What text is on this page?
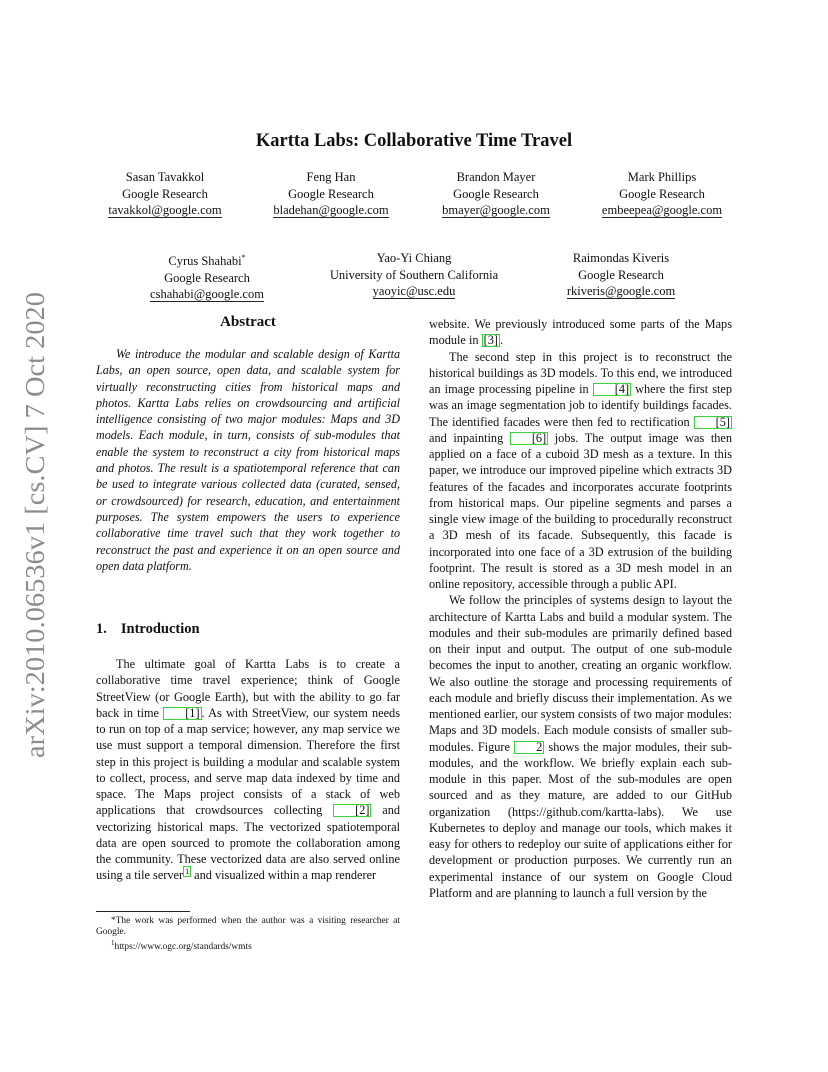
arXiv:2010.06536v1 [cs.CV] 7 Oct 2020
Kartta Labs: Collaborative Time Travel
Sasan Tavakkol
Google Research
tavakkol@google.com
Feng Han
Google Research
bladehan@google.com
Brandon Mayer
Google Research
bmayer@google.com
Mark Phillips
Google Research
embeepea@google.com
Cyrus Shahabi*
Google Research
cshahabi@google.com
Yao-Yi Chiang
University of Southern California
yaoyic@usc.edu
Raimondas Kiveris
Google Research
rkiveris@google.com
Abstract
We introduce the modular and scalable design of Kartta Labs, an open source, open data, and scalable system for virtually reconstructing cities from historical maps and photos. Kartta Labs relies on crowdsourcing and artificial intelligence consisting of two major modules: Maps and 3D models. Each module, in turn, consists of sub-modules that enable the system to reconstruct a city from historical maps and photos. The result is a spatiotemporal reference that can be used to integrate various collected data (curated, sensed, or crowdsourced) for research, education, and entertainment purposes. The system empowers the users to experience collaborative time travel such that they work together to reconstruct the past and experience it on an open source and open data platform.
1. Introduction

The ultimate goal of Kartta Labs is to create a collaborative time travel experience; think of Google StreetView (or Google Earth), but with the ability to go far back in time [1] . As with StreetView, our system needs to run on top of a map service; however, any map service we use must support a temporal dimension. Therefore the first step in this project is building a modular and scalable system to collect, process, and serve map data indexed by time and space. The Maps project consists of a stack of web applications that crowdsources collecting [2] and vectorizing historical maps. The vectorized spatiotemporal data are open sourced to promote the collaboration among the community. These vectorized data are also served online using a tile server $^1$ and visualized within a map renderer

*The work was performed when the author was a visiting researcher at Google.

$^1$https://www.ogc.org/standards/wmts

website. We previously introduced some parts of the Maps module in [3] .

The second step in this project is to reconstruct the historical buildings as 3D models. To this end, we introduced an image processing pipeline in [4] where the first step was an image segmentation job to identify buildings facades. The identified facades were then fed to rectification [5] and inpainting [6] jobs. The output image was then applied on a face of a cuboid 3D mesh as a texture. In this paper, we introduce our improved pipeline which extracts 3D features of the facades and incorporates accurate footprints from historical maps. Our pipeline segments and parses a single view image of the building to procedurally reconstruct a 3D mesh of its facade. Subsequently, this facade is incorporated into one face of a 3D extrusion of the building footprint. The result is stored as a 3D mesh model in an online repository, accessible through a public API.

We follow the principles of systems design to layout the architecture of Kartta Labs and build a modular system. The modules and their sub-modules are primarily defined based on their input and output. The output of one sub-module becomes the input to another, creating an organic workflow. We also outline the storage and processing requirements of each module and briefly discuss their implementation. As we mentioned earlier, our system consists of two major modules: Maps and 3D models. Each module consists of smaller sub-modules. Figure 2 shows the major modules, their sub-modules, and the workflow. We briefly explain each sub-module in this paper. Most of the sub-modules are open sourced and as they mature, are added to our GitHub organization (https://github.com/kartta-labs). We use Kubernetes to deploy and manage our tools, which makes it easy for others to redeploy our suite of applications either for development or production purposes. We currently run an experimental instance of our system on Google Cloud Platform and are planning to launch a full version by the
